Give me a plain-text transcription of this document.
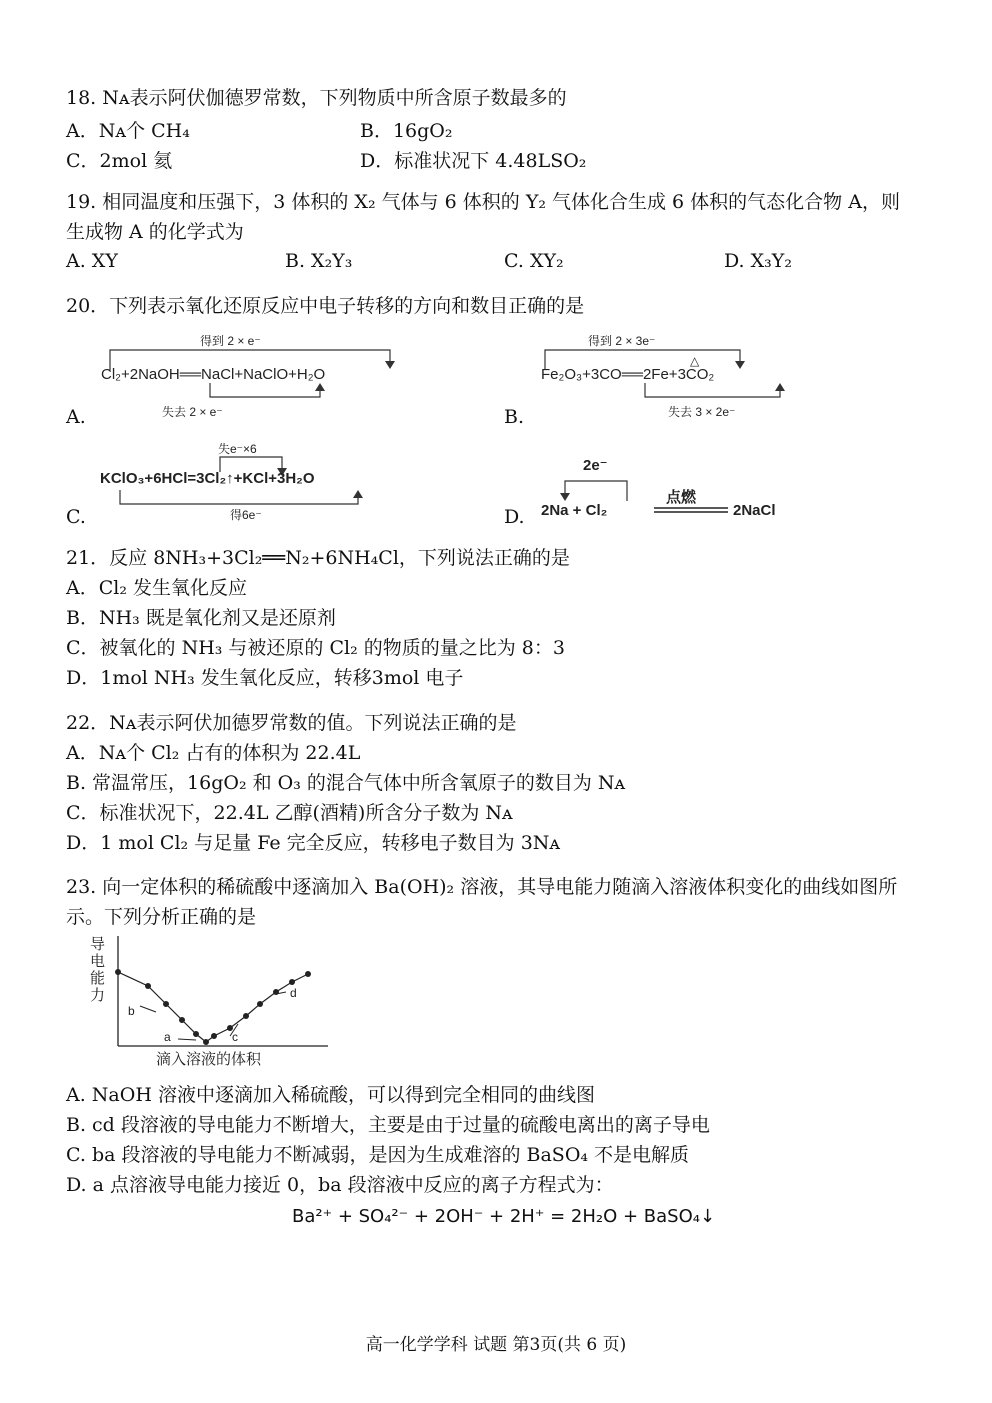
18. Nᴀ表示阿伏伽德罗常数，下列物质中所含原子数最多的
A．Nᴀ个 CH₄	B．16gO₂
C．2mol 氦	D．标准状况下 4.48LSO₂
19. 相同温度和压强下，3 体积的 X₂ 气体与 6 体积的 Y₂ 气体化合生成 6 体积的气态化合物 A，则
生成物 A 的化学式为
A. XY	B. X₂Y₃	C. XY₂	D. X₃Y₂
20．下列表示氧化还原反应中电子转移的方向和数目正确的是
得到 2 × e⁻
Cl₂+2NaOH══NaCl+NaClO+H₂O
失去 2 × e⁻
A.
得到 2 × 3e⁻
△
Fe₂O₃+3CO══2Fe+3CO₂
失去 3 × 2e⁻
B.
失e⁻×6
KClO₃+6HCl=3Cl₂↑+KCl+3H₂O
得6e⁻
C.
2e⁻
2Na + Cl₂
点燃
2NaCl
D.
21．反应 8NH₃+3Cl₂══N₂+6NH₄Cl，下列说法正确的是
A．Cl₂ 发生氧化反应
B．NH₃ 既是氧化剂又是还原剂
C．被氧化的 NH₃ 与被还原的 Cl₂ 的物质的量之比为 8：3
D．1mol NH₃ 发生氧化反应，转移3mol 电子
22．Nᴀ表示阿伏加德罗常数的值。下列说法正确的是
A．Nᴀ个 Cl₂ 占有的体积为 22.4L
B. 常温常压，16gO₂ 和 O₃ 的混合气体中所含氧原子的数目为 Nᴀ
C．标准状况下，22.4L 乙醇(酒精)所含分子数为 Nᴀ
D．1 mol Cl₂ 与足量 Fe 完全反应，转移电子数目为 3Nᴀ
23. 向一定体积的稀硫酸中逐滴加入 Ba(OH)₂ 溶液，其导电能力随滴入溶液体积变化的曲线如图所
示。下列分析正确的是
导电能力
b
a	c
d
滴入溶液的体积
A. NaOH 溶液中逐滴加入稀硫酸，可以得到完全相同的曲线图
B. cd 段溶液的导电能力不断增大，主要是由于过量的硫酸电离出的离子导电
C. ba 段溶液的导电能力不断减弱，是因为生成难溶的 BaSO₄ 不是电解质
D. a 点溶液导电能力接近 0，ba 段溶液中反应的离子方程式为：
Ba²⁺ + SO₄²⁻ + 2OH⁻ + 2H⁺ = 2H₂O + BaSO₄↓
高一化学学科 试题 第3页(共 6 页)
